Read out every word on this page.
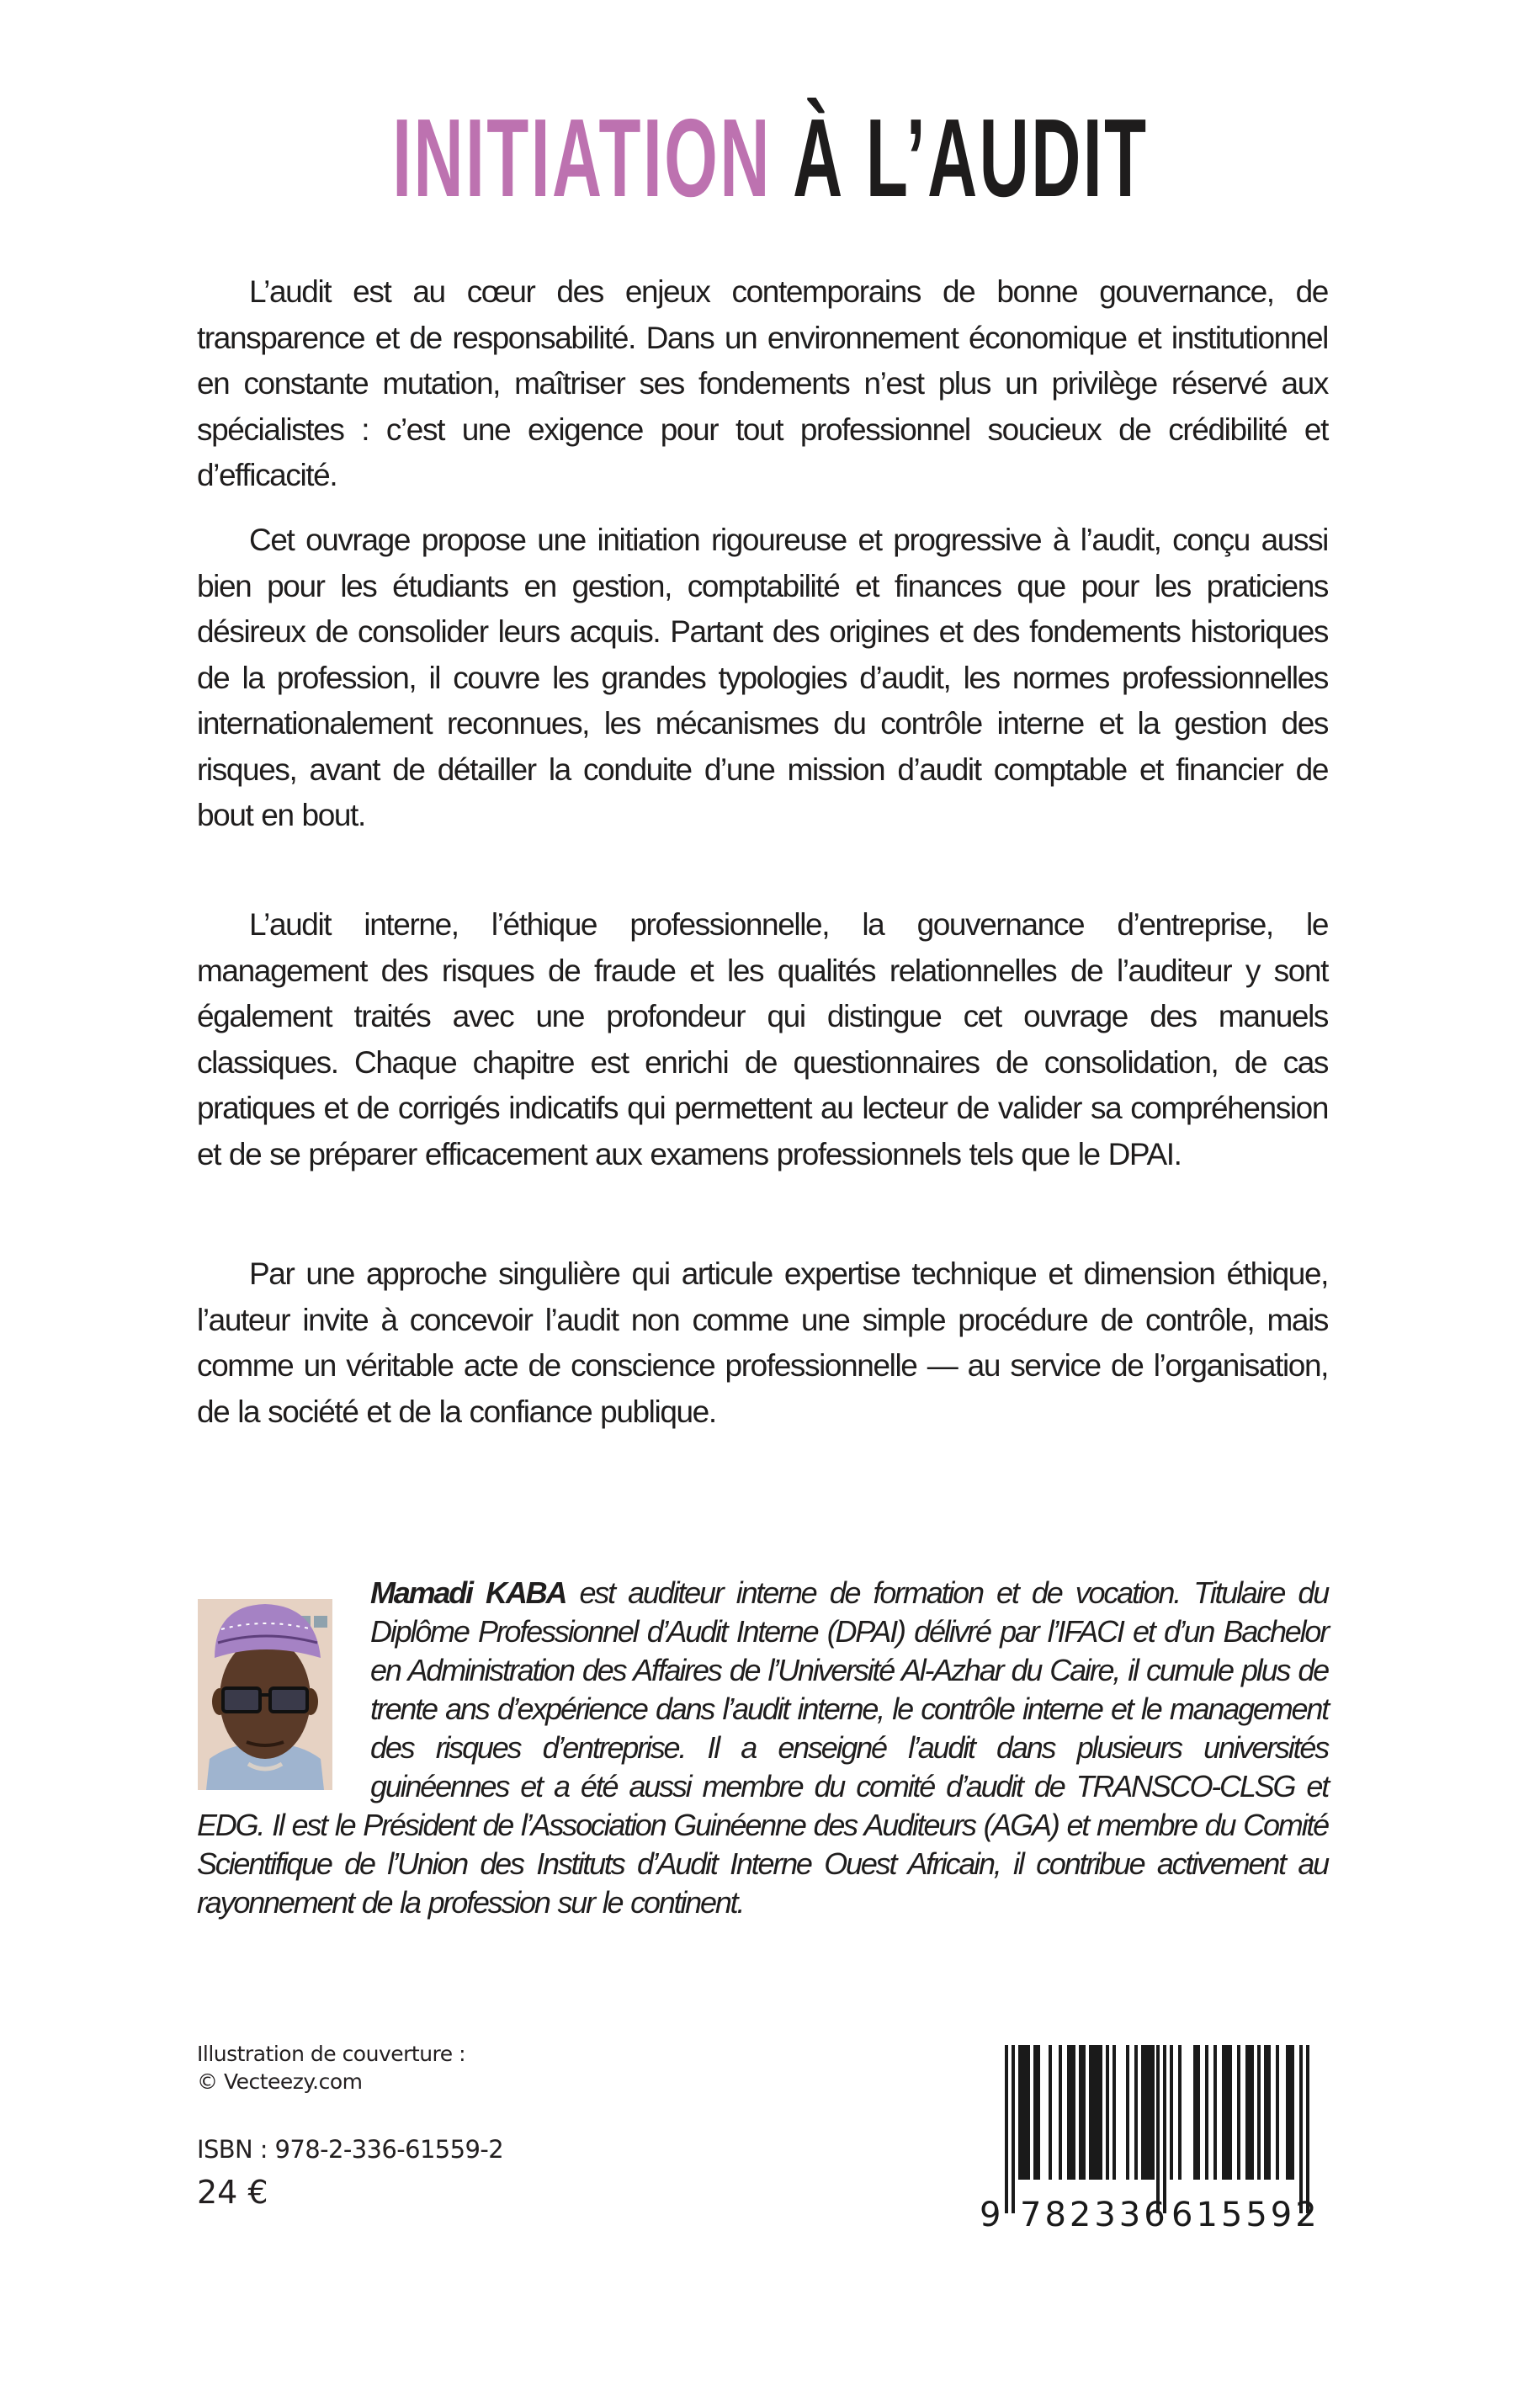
INITIATION À L’AUDIT

L’audit est au cœur des enjeux contemporains de bonne gouvernance, de transparence et de responsabilité. Dans un environnement économique et institutionnel en constante mutation, maîtriser ses fondements n’est plus un privilège réservé aux spécialistes : c’est une exigence pour tout professionnel soucieux de crédibilité et d’efficacité.

Cet ouvrage propose une initiation rigoureuse et progressive à l’audit, conçu aussi bien pour les étudiants en gestion, comptabilité et finances que pour les praticiens désireux de consolider leurs acquis. Partant des origines et des fondements historiques de la profession, il couvre les grandes typologies d’audit, les normes professionnelles internationalement reconnues, les mécanismes du contrôle interne et la gestion des risques, avant de détailler la conduite d’une mission d’audit comptable et financier de bout en bout.

L’audit interne, l’éthique professionnelle, la gouvernance d’entreprise, le management des risques de fraude et les qualités relationnelles de l’auditeur y sont également traités avec une profondeur qui distingue cet ouvrage des manuels classiques. Chaque chapitre est enrichi de questionnaires de consolidation, de cas pratiques et de corrigés indicatifs qui permettent au lecteur de valider sa compréhension et de se préparer efficacement aux examens professionnels tels que le DPAI.

Par une approche singulière qui articule expertise technique et dimension éthique, l’auteur invite à concevoir l’audit non comme une simple procédure de contrôle, mais comme un véritable acte de conscience professionnelle — au service de l’organisation, de la société et de la confiance publique.

Mamadi KABA est auditeur interne de formation et de vocation. Titulaire du Diplôme Professionnel d’Audit Interne (DPAI) délivré par l’IFACI et d’un Bachelor en Administration des Affaires de l’Université Al-Azhar du Caire, il cumule plus de trente ans d’expérience dans l’audit interne, le contrôle interne et le management des risques d’entreprise. Il a enseigné l’audit dans plusieurs universités guinéennes et a été aussi membre du comité d’audit de TRANSCO-CLSG et EDG. Il est le Président de l’Association Guinéenne des Auditeurs (AGA) et membre du Comité Scientifique de l’Union des Instituts d’Audit Interne Ouest Africain, il contribue activement au rayonnement de la profession sur le continent.
Illustration de couverture :
© Vecteezy.com
ISBN : 978-2-336-61559-2
24 €
9 782336 615592
